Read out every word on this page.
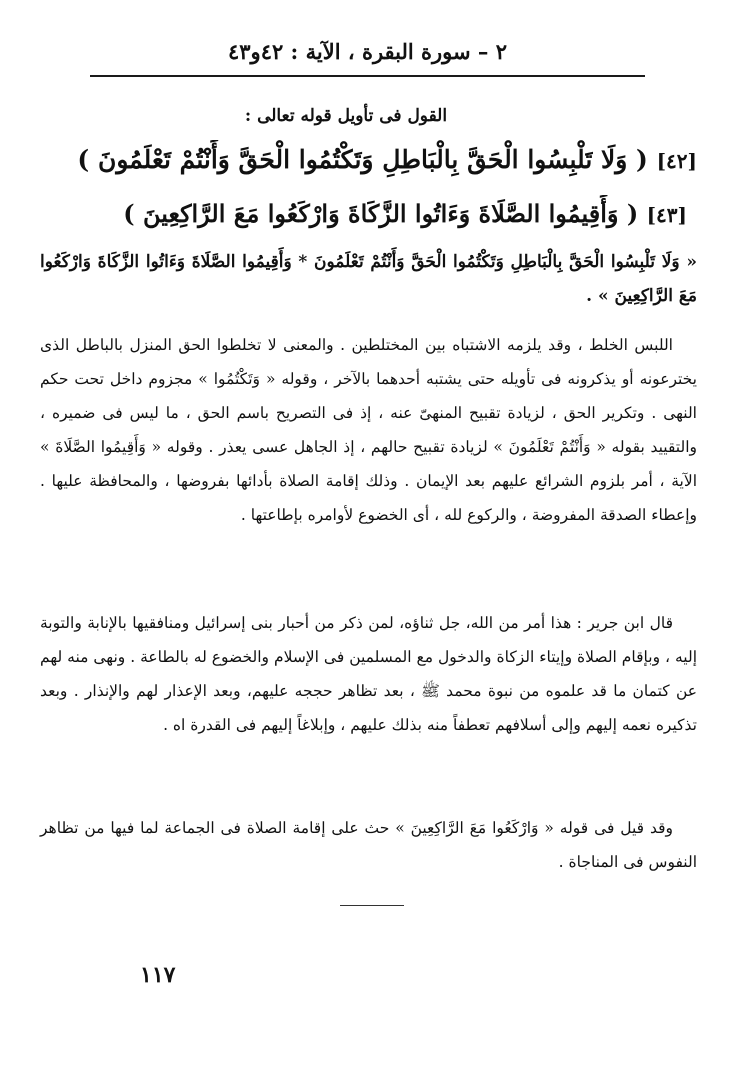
٢ – سورة البقرة ، الآية : ٤٢و٤٣
القول فى تأويل قوله تعالى :
[٤٢] ( وَلَا تَلْبِسُوا الْحَقَّ بِالْبَاطِلِ وَتَكْتُمُوا الْحَقَّ وَأَنْتُمْ تَعْلَمُونَ )
[٤٣] ( وَأَقِيمُوا الصَّلَاةَ وَءَاتُوا الزَّكَاةَ وَارْكَعُوا مَعَ الرَّاكِعِينَ )
« وَلَا تَلْبِسُوا الْحَقَّ بِالْبَاطِلِ وَتَكْتُمُوا الْحَقَّ وَأَنْتُمْ تَعْلَمُونَ * وَأَقِيمُوا الصَّلَاةَ وَءَاتُوا الزَّكَاةَ وَارْكَعُوا مَعَ الرَّاكِعِينَ » .

اللبس الخلط ، وقد يلزمه الاشتباه بين المختلطين . والمعنى لا تخلطوا الحق المنزل بالباطل الذى يخترعونه أو يذكرونه فى تأويله حتى يشتبه أحدهما بالآخر ، وقوله « وَتَكْتُمُوا » مجزوم داخل تحت حكم النهى . وتكرير الحق ، لزيادة تقبيح المنهىّ عنه ، إذ فى التصريح باسم الحق ، ما ليس فى ضميره ، والتقييد بقوله « وَأَنْتُمْ تَعْلَمُونَ » لزيادة تقبيح حالهم ، إذ الجاهل عسى يعذر . وقوله « وَأَقِيمُوا الصَّلَاةَ » الآية ، أمر بلزوم الشرائع عليهم بعد الإيمان . وذلك إقامة الصلاة بأدائها بفروضها ، والمحافظة عليها . وإعطاء الصدقة المفروضة ، والركوع لله ، أى الخضوع لأوامره بإطاعتها .

قال ابن جرير : هذا أمر من الله، جل ثناؤه، لمن ذكر من أحبار بنى إسرائيل ومنافقيها بالإنابة والتوبة إليه ، وبإقام الصلاة وإيتاء الزكاة والدخول مع المسلمين فى الإسلام والخضوع له بالطاعة . ونهى منه لهم عن كتمان ما قد علموه من نبوة محمد ﷺ ، بعد تظاهر حججه عليهم، وبعد الإعذار لهم والإنذار . وبعد تذكيره نعمه إليهم وإلى أسلافهم تعطفاً منه بذلك عليهم ، وإبلاغاً إليهم فى القدرة اه .

وقد قيل فى قوله « وَارْكَعُوا مَعَ الرَّاكِعِينَ » حث على إقامة الصلاة فى الجماعة لما فيها من تظاهر النفوس فى المناجاة .

١١٧
